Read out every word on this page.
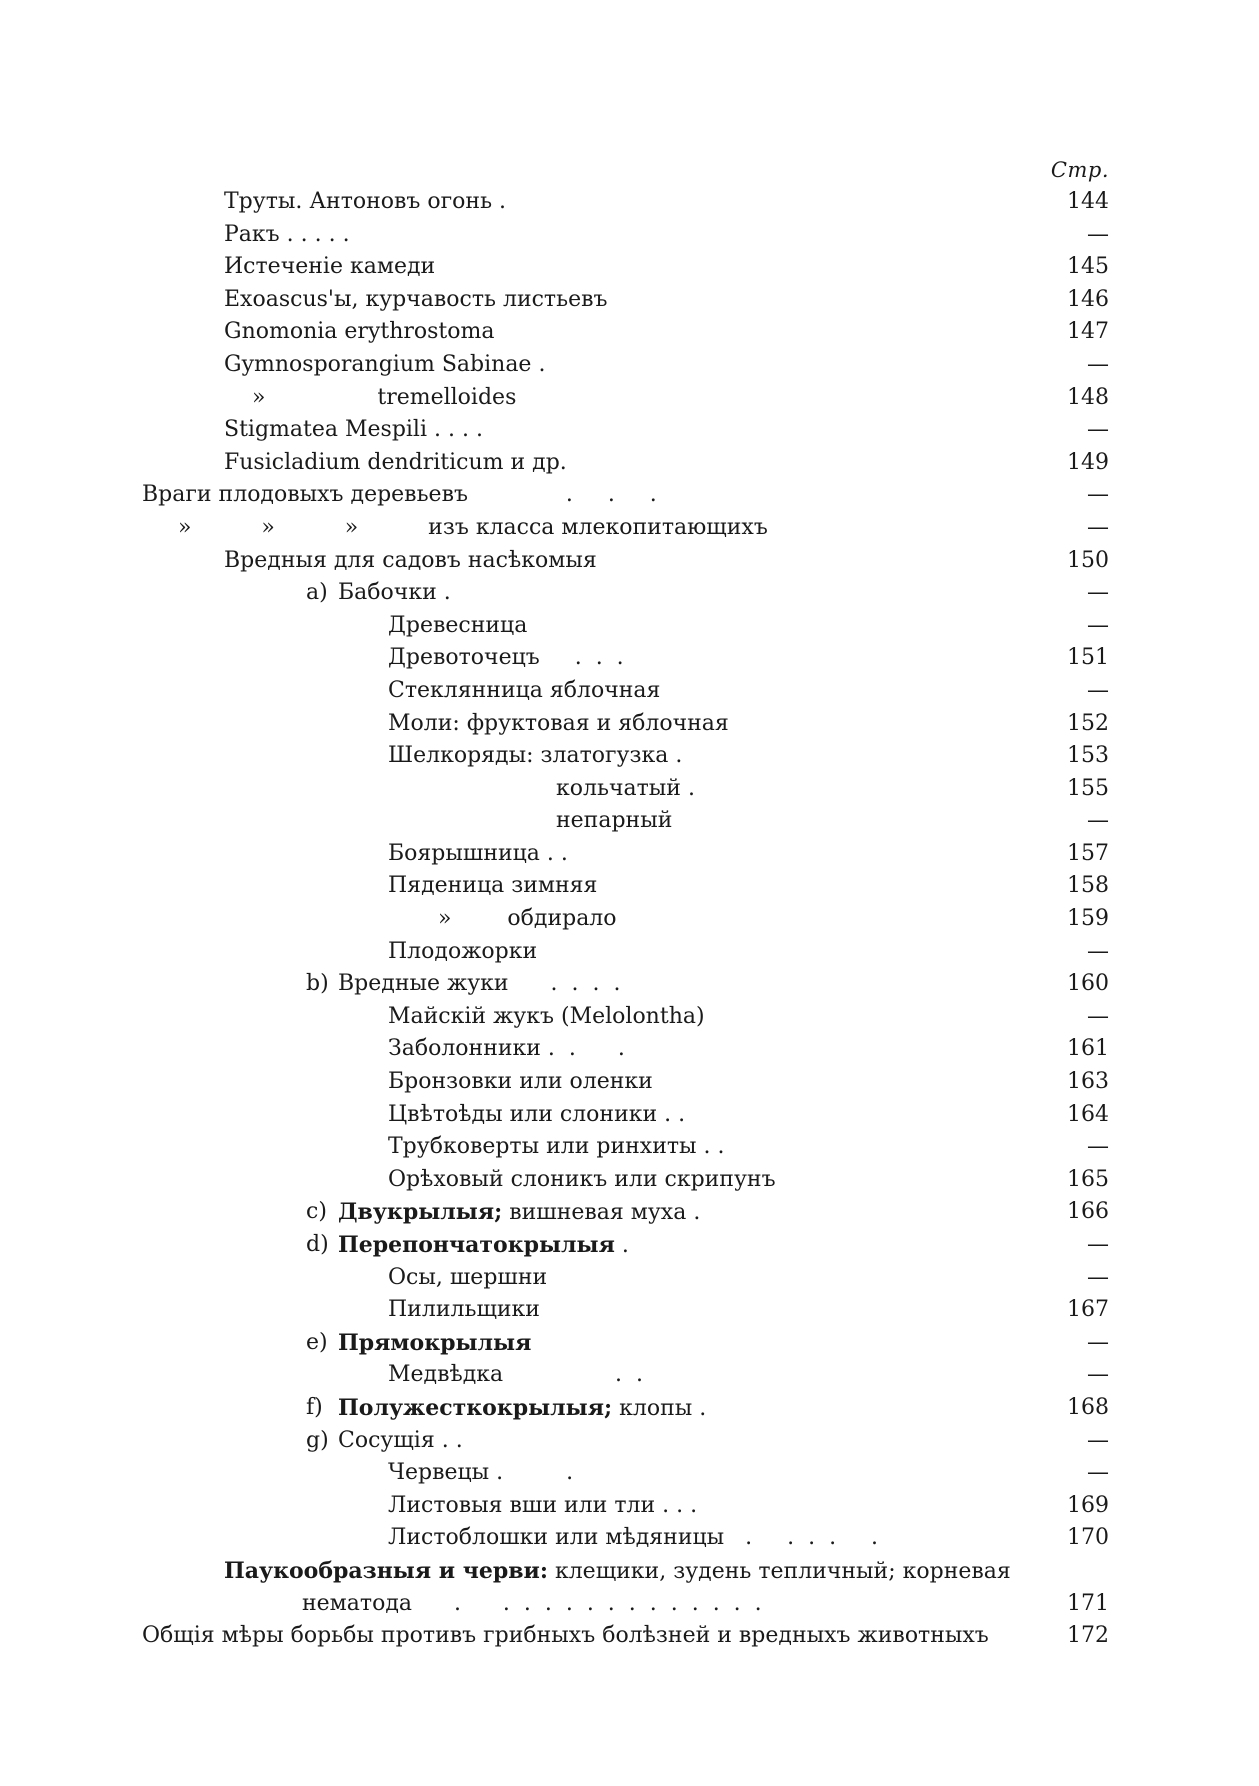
Стр.
Труты. Антоновъ огонь .	144
Ракъ . . . . .	—
Истеченіе камеди	145
Exoascus'ы, курчавость листьевъ	146
Gnomonia erythrostoma	147
Gymnosporangium Sabinae .	—
»                tremelloides	148
Stigmatea Mespili . . . .	—
Fusicladium dendriticum и др.	149
Враги плодовыхъ деревьевъ              .     .     .	—
»          »          »          изъ класса млекопитающихъ	—
Вредныя для садовъ насѣкомыя	150
a) Бабочки .	—
Древесница	—
Древоточецъ     .  .  .	151
Стеклянница яблочная	—
Моли: фруктовая и яблочная	152
Шелкоряды: златогузка .	153
кольчатый .	155
непарный	—
Боярышница . .	157
Пяденица зимняя	158
»        обдирало	159
Плодожорки	—
b) Вредные жуки      .  .  .  .	160
Майскій жукъ (Melolontha)	—
Заболонники .  .      .	161
Бронзовки или оленки	163
Цвѣтоѣды или слоники . .	164
Трубковерты или ринхиты . .	—
Орѣховый слоникъ или скрипунъ	165
c) Двукрылыя; вишневая муха .	166
d) Перепончатокрылыя .	—
Осы, шершни	—
Пилильщики	167
e) Прямокрылыя	—
Медвѣдка                .  .	—
f) Полужесткокрылыя; клопы .	168
g) Сосущія . .	—
Червецы .         .	—
Листовыя вши или тли . . .	169
Листоблошки или мѣдяницы   .     .  .  .     .	170
Паукообразныя и черви: клещики, зудень тепличный; корневая
нематода      .      .  .  .  .  .  .  .  .  .  .  .  .  .	171
Общія мѣры борьбы противъ грибныхъ болѣзней и вредныхъ животныхъ	172
